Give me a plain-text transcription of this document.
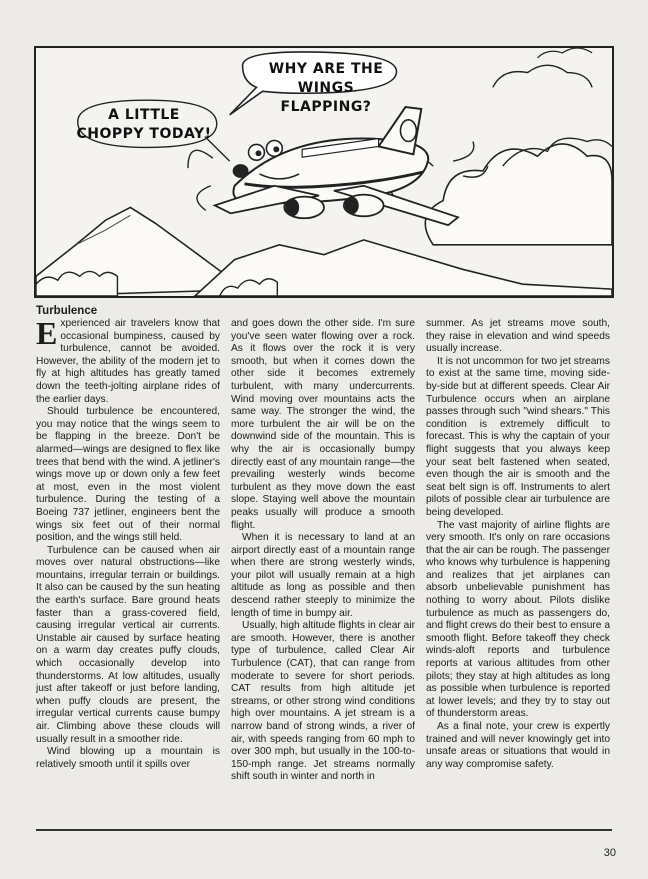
WHY ARE THE WINGS FLAPPING?
A LITTLE CHOPPY TODAY!
Turbulence

Experienced air travelers know that occasional bumpiness, caused by turbulence, cannot be avoided. However, the ability of the modern jet to fly at high altitudes has greatly tamed down the teeth-jolting airplane rides of the earlier days.

Should turbulence be encountered, you may notice that the wings seem to be flapping in the breeze. Don't be alarmed—wings are designed to flex like trees that bend with the wind. A jetliner's wings move up or down only a few feet at most, even in the most violent turbulence. During the testing of a Boeing 737 jetliner, engineers bent the wings six feet out of their normal position, and the wings still held.

Turbulence can be caused when air moves over natural obstructions—like mountains, irregular terrain or buildings. It also can be caused by the sun heating the earth's surface. Bare ground heats faster than a grass-covered field, causing irregular vertical air currents. Unstable air caused by surface heating on a warm day creates puffy clouds, which occasionally develop into thunderstorms. At low altitudes, usually just after takeoff or just before landing, when puffy clouds are present, the irregular vertical currents cause bumpy air. Climbing above these clouds will usually result in a smoother ride.

Wind blowing up a mountain is relatively smooth until it spills over

and goes down the other side. I'm sure you've seen water flowing over a rock. As it flows over the rock it is very smooth, but when it comes down the other side it becomes extremely turbulent, with many undercurrents. Wind moving over mountains acts the same way. The stronger the wind, the more turbulent the air will be on the downwind side of the mountain. This is why the air is occasionally bumpy directly east of any mountain range—the prevailing westerly winds become turbulent as they move down the east slope. Staying well above the mountain peaks usually will produce a smooth flight.

When it is necessary to land at an airport directly east of a mountain range when there are strong westerly winds, your pilot will usually remain at a high altitude as long as possible and then descend rather steeply to minimize the length of time in bumpy air.

Usually, high altitude flights in clear air are smooth. However, there is another type of turbulence, called Clear Air Turbulence (CAT), that can range from moderate to severe for short periods. CAT results from high altitude jet streams, or other strong wind conditions high over mountains. A jet stream is a narrow band of strong winds, a river of air, with speeds ranging from 60 mph to over 300 mph, but usually in the 100-to-150-mph range. Jet streams normally shift south in winter and north in

summer. As jet streams move south, they raise in elevation and wind speeds usually increase.

It is not uncommon for two jet streams to exist at the same time, moving side-by-side but at different speeds. Clear Air Turbulence occurs when an airplane passes through such "wind shears." This condition is extremely difficult to forecast. This is why the captain of your flight suggests that you always keep your seat belt fastened when seated, even though the air is smooth and the seat belt sign is off. Instruments to alert pilots of possible clear air turbulence are being developed.

The vast majority of airline flights are very smooth. It's only on rare occasions that the air can be rough. The passenger who knows why turbulence is happening and realizes that jet airplanes can absorb unbelievable punishment has nothing to worry about. Pilots dislike turbulence as much as passengers do, and flight crews do their best to ensure a smooth flight. Before takeoff they check winds-aloft reports and turbulence reports at various altitudes from other pilots; they stay at high altitudes as long as possible when turbulence is reported at lower levels; and they try to stay out of thunderstorm areas.

As a final note, your crew is expertly trained and will never knowingly get into unsafe areas or situations that would in any way compromise safety.

30
